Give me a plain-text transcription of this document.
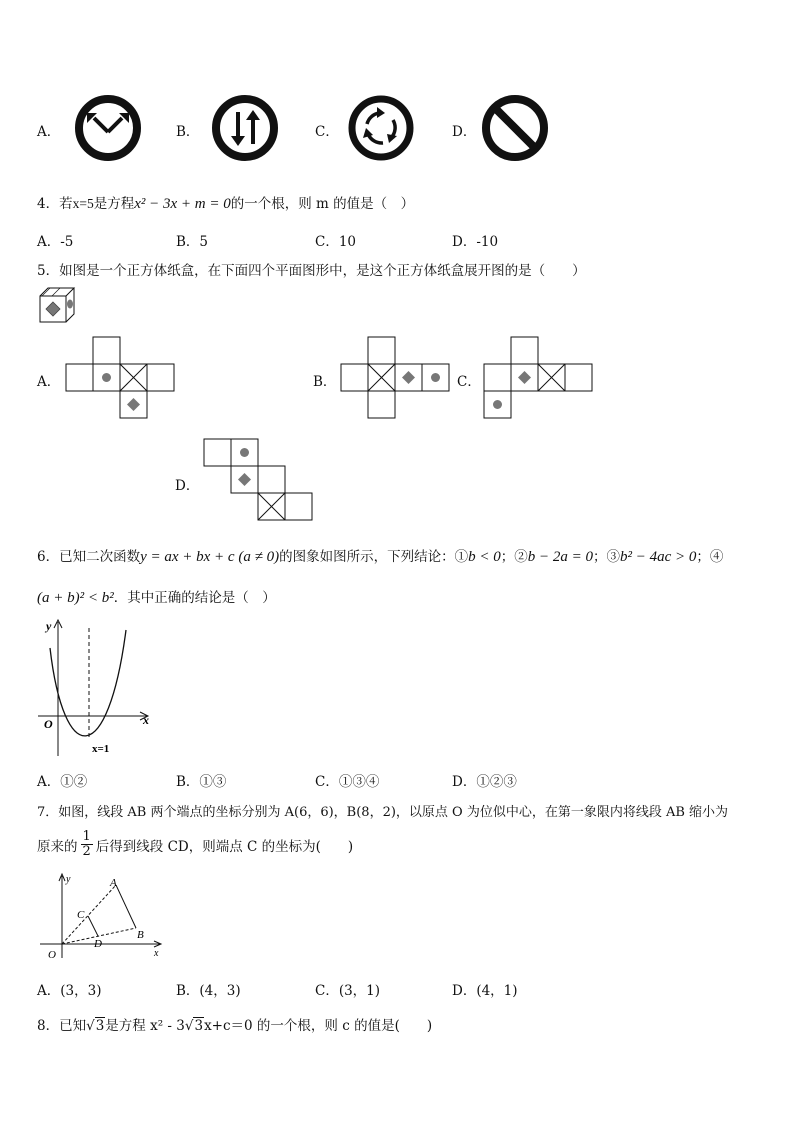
A．	B．	C．	D．
4．若x=5是方程x² − 3x + m = 0的一个根，则 m 的值是（　）
A．-5	B．5	C．10	D．-10
5．如图是一个正方体纸盒，在下面四个平面图形中，是这个正方体纸盒展开图的是（　　）
A．	B．	C．
D．
6．已知二次函数y = ax + bx + c (a ≠ 0)的图象如图所示，下列结论：①b < 0；②b − 2a = 0；③b² − 4ac > 0；④
(a + b)² < b²．其中正确的结论是（　）
y
x
O
x=1
A．①②	B．①③	C．①③④	D．①②③
7．如图，线段 AB 两个端点的坐标分别为 A(6，6)，B(8，2)，以原点 O 为位似中心，在第一象限内将线段 AB 缩小为
原来的 $\frac{1}{2}$ 后得到线段 CD，则端点 C 的坐标为(　　)
y
x
O
A
B
C
D
A．(3，3)	B．(4，3)	C．(3，1)	D．(4，1)
8．已知√3是方程 x² - 3√3x+c＝0 的一个根，则 c 的值是(　　)
